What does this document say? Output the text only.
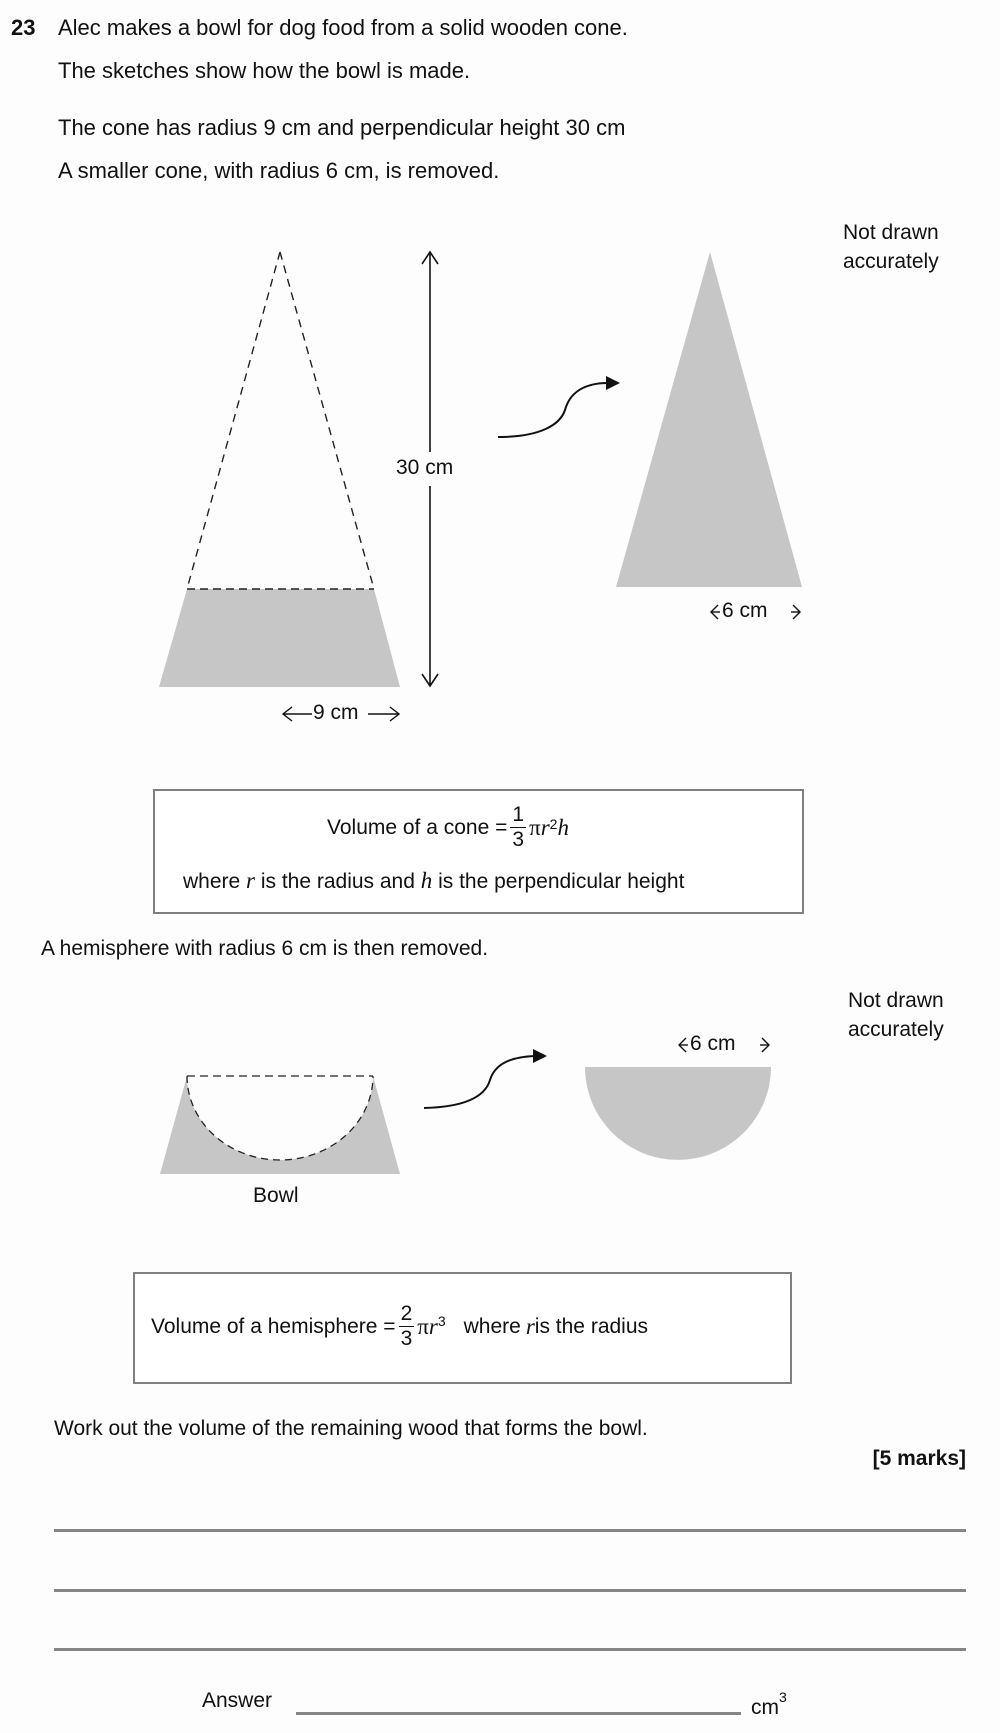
23 Alec makes a bowl for dog food from a solid wooden cone.
The sketches show how the bowl is made.
The cone has radius 9 cm and perpendicular height 30 cm
A smaller cone, with radius 6 cm, is removed.
Not drawn
accurately
30 cm
9 cm
6 cm
Volume of a cone = $\frac{1}{3}$ π $r^2$ h
where r is the radius and h is the perpendicular height
A hemisphere with radius 6 cm is then removed.
Not drawn
accurately
6 cm
Bowl
Volume of a hemisphere = $\frac{2}{3}$ π $r^3$ where r is the radius
Work out the volume of the remaining wood that forms the bowl.
[5 marks]
Answer	$cm^3$
